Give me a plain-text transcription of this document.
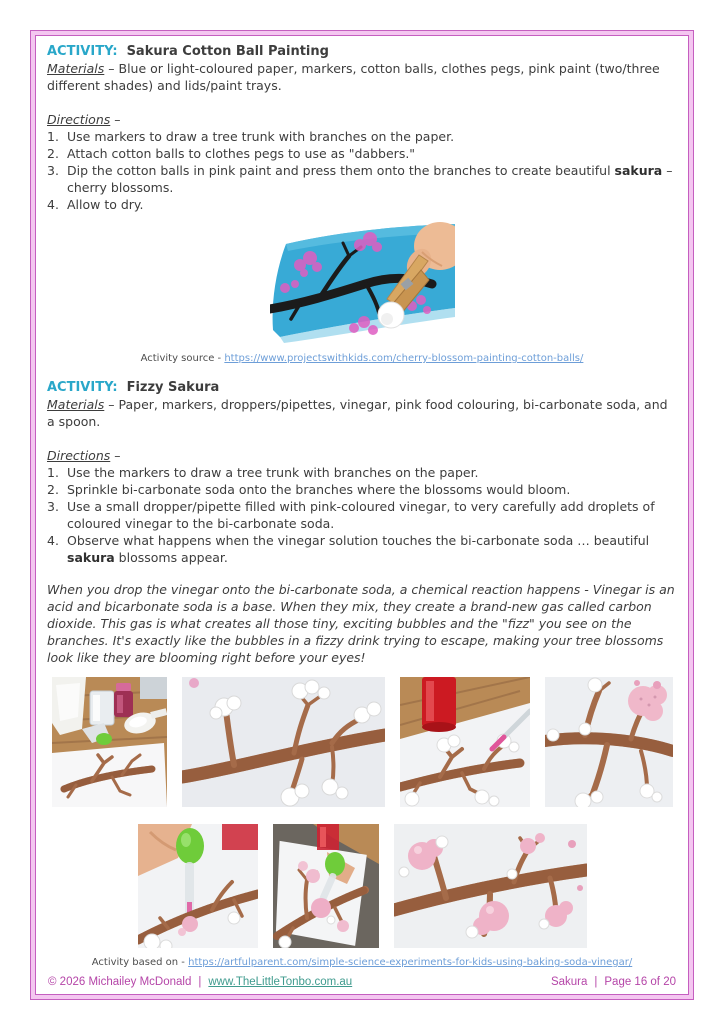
ACTIVITY: Sakura Cotton Ball Painting
Materials – Blue or light-coloured paper, markers, cotton balls, clothes pegs, pink paint (two/three different shades) and lids/paint trays.
Directions –
1. Use markers to draw a tree trunk with branches on the paper.
2. Attach cotton balls to clothes pegs to use as "dabbers."
3. Dip the cotton balls in pink paint and press them onto the branches to create beautiful sakura – cherry blossoms.
4. Allow to dry.
Activity source - https://www.projectswithkids.com/cherry-blossom-painting-cotton-balls/
ACTIVITY: Fizzy Sakura
Materials – Paper, markers, droppers/pipettes, vinegar, pink food colouring, bi-carbonate soda, and a spoon.
Directions –
1. Use the markers to draw a tree trunk with branches on the paper.
2. Sprinkle bi-carbonate soda onto the branches where the blossoms would bloom.
3. Use a small dropper/pipette filled with pink-coloured vinegar, to very carefully add droplets of coloured vinegar to the bi-carbonate soda.
4. Observe what happens when the vinegar solution touches the bi-carbonate soda … beautiful sakura blossoms appear.
When you drop the vinegar onto the bi-carbonate soda, a chemical reaction happens - Vinegar is an acid and bicarbonate soda is a base. When they mix, they create a brand-new gas called carbon dioxide. This gas is what creates all those tiny, exciting bubbles and the "fizz" you see on the branches. It's exactly like the bubbles in a fizzy drink trying to escape, making your tree blossoms look like they are blooming right before your eyes!
Activity based on - https://artfulparent.com/simple-science-experiments-for-kids-using-baking-soda-vinegar/
© 2026 Michailey McDonald | www.TheLittleTonbo.com.au	Sakura | Page 16 of 20
